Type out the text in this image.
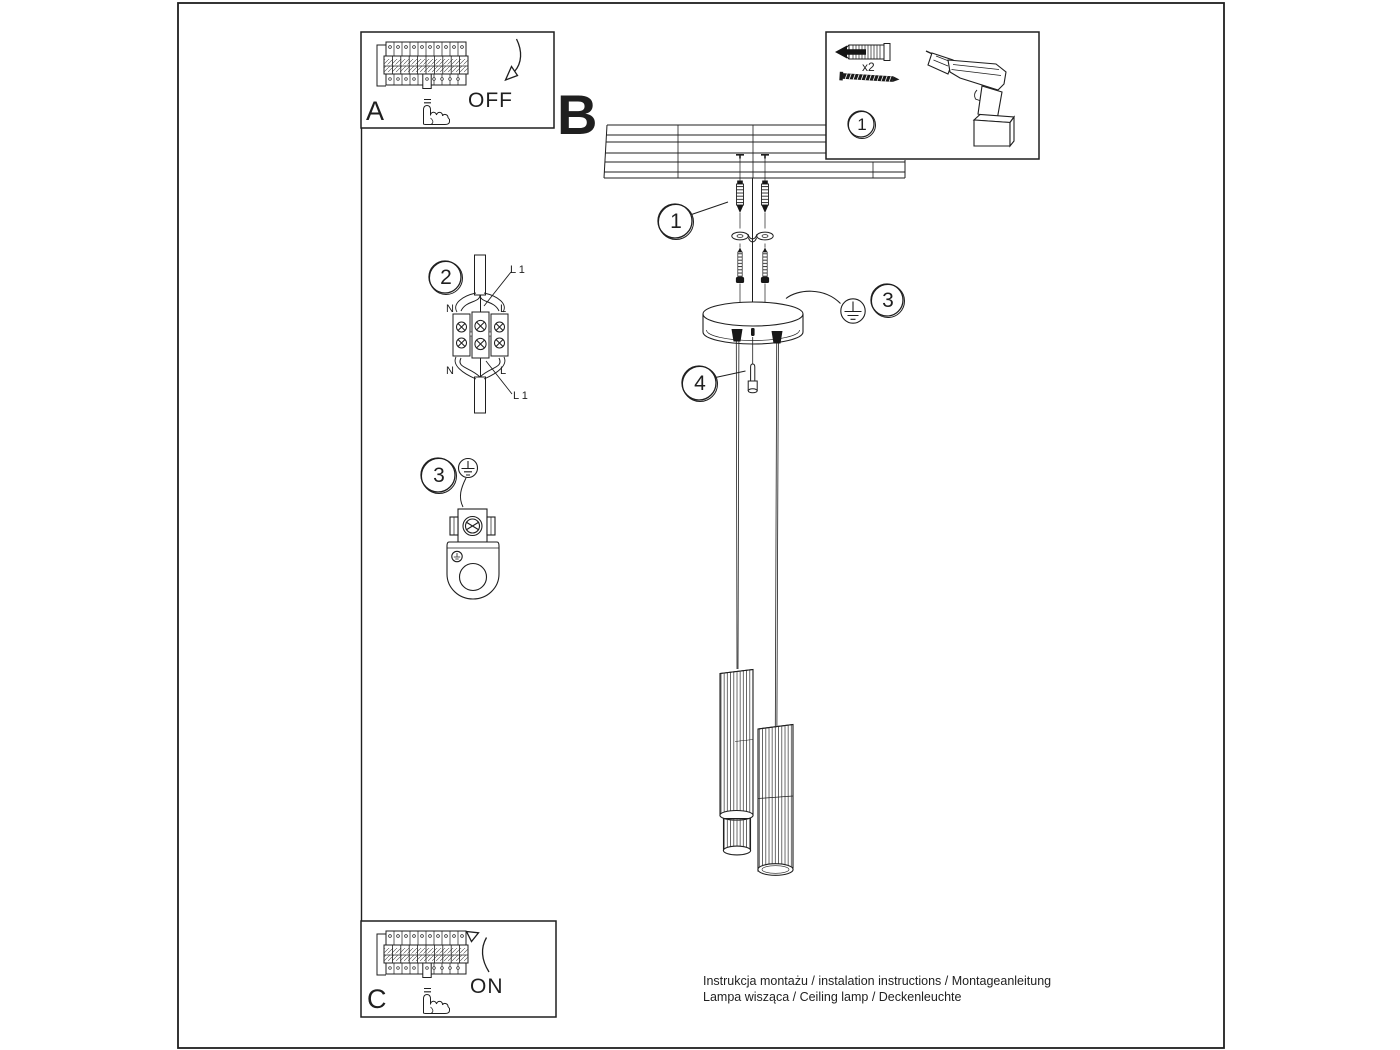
A	OFF B
C	ON
1
x2
1
2
3
3
4
N	L
L 1
N	L
L 1
Instrukcja montażu / instalation instructions / Montageanleitung
Lampa wisząca / Ceiling lamp / Deckenleuchte
